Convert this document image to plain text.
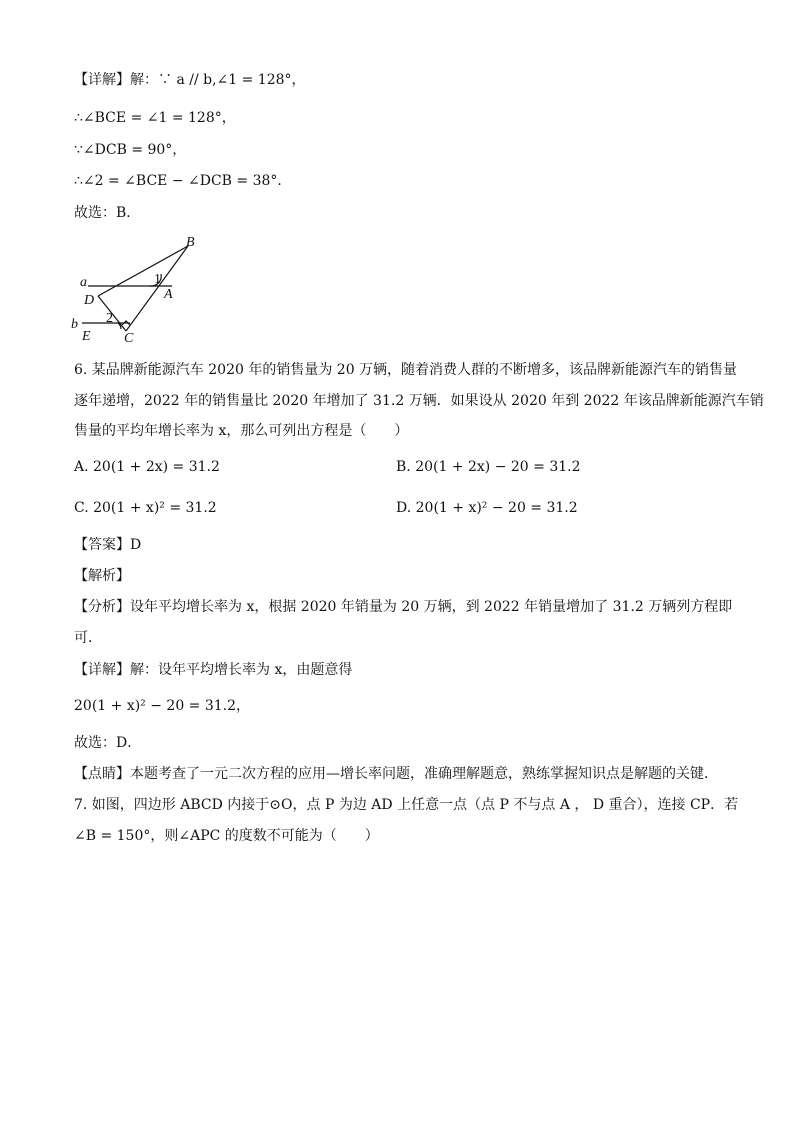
【详解】解：∵ a // b,∠1 = 128°，
∴∠BCE = ∠1 = 128°，
∵∠DCB = 90°，
∴∠2 = ∠BCE − ∠DCB = 38°．
故选：B．
B
1
a
A
D
b 2
E C
6. 某品牌新能源汽车 2020 年的销售量为 20 万辆，随着消费人群的不断增多，该品牌新能源汽车的销售量
逐年递增，2022 年的销售量比 2020 年增加了 31.2 万辆．如果设从 2020 年到 2022 年该品牌新能源汽车销
售量的平均年增长率为 x，那么可列出方程是（　　）
A. 20(1 + 2x) = 31.2	B. 20(1 + 2x) − 20 = 31.2
C. 20(1 + x)² = 31.2	D. 20(1 + x)² − 20 = 31.2
【答案】D
【解析】
【分析】设年平均增长率为 x，根据 2020 年销量为 20 万辆，到 2022 年销量增加了 31.2 万辆列方程即
可．
【详解】解：设年平均增长率为 x，由题意得
20(1 + x)² − 20 = 31.2，
故选：D．
【点睛】本题考查了一元二次方程的应用—增长率问题，准确理解题意，熟练掌握知识点是解题的关键．
7. 如图，四边形 ABCD 内接于⊙O，点 P 为边 AD 上任意一点（点 P 不与点 A ， D 重合），连接 CP．若
∠B = 150°，则∠APC 的度数不可能为（　　）
